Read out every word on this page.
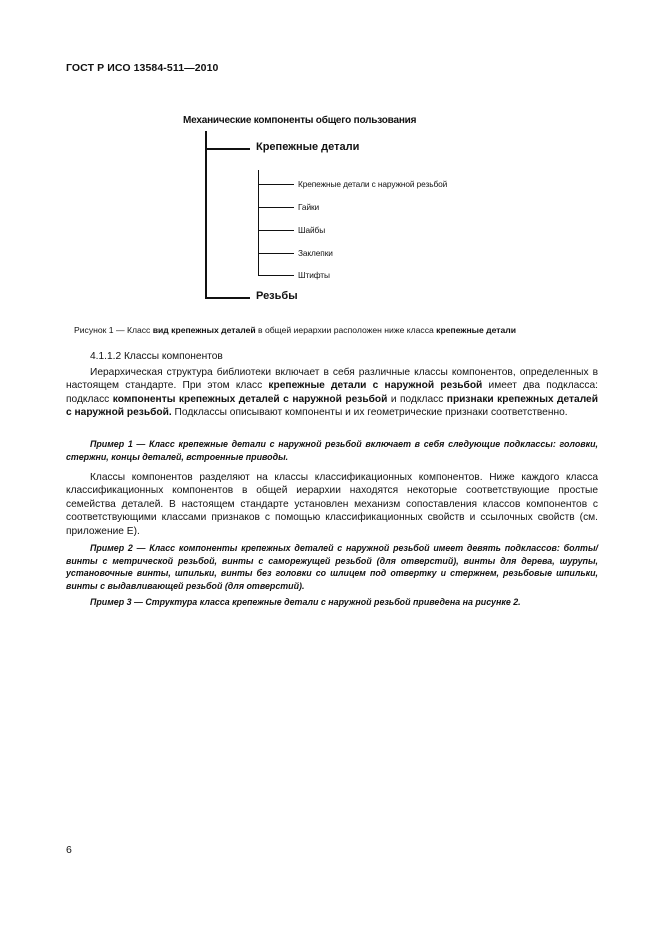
ГОСТ Р ИСО 13584-511—2010
Механические компоненты общего пользования
Крепежные детали
Резьбы
Крепежные детали с наружной резьбой
Гайки
Шайбы
Заклепки
Штифты
Рисунок 1 — Класс вид крепежных деталей в общей иерархии расположен ниже класса крепежные детали
4.1.1.2 Классы компонентов

Иерархическая структура библиотеки включает в себя различные классы компонентов, определенных в настоящем стандарте. При этом класс крепежные детали с наружной резьбой имеет два подкласса: подкласс компоненты крепежных деталей с наружной резьбой и подкласс признаки крепежных деталей с наружной резьбой. Подклассы описывают компоненты и их геометрические признаки соответственно.

Пример 1 — Класс крепежные детали с наружной резьбой включает в себя следующие подклассы: головки, стержни, концы деталей, встроенные приводы.

Классы компонентов разделяют на классы классификационных компонентов. Ниже каждого класса классификационных компонентов в общей иерархии находятся некоторые соответствующие простые семейства деталей. В настоящем стандарте установлен механизм сопоставления классов компонентов с соответствующими классами признаков с помощью классификационных свойств и ссылочных свойств (см. приложение E).

Пример 2 — Класс компоненты крепежных деталей с наружной резьбой имеет девять подклассов: болты/винты с метрической резьбой, винты с саморежущей резьбой (для отверстий), винты для дерева, шурупы, установочные винты, шпильки, винты без головки со шлицем под отвертку и стержнем, резьбовые шпильки, винты с выдавливающей резьбой (для отверстий).

Пример 3 — Структура класса крепежные детали с наружной резьбой приведена на рисунке 2.

6
